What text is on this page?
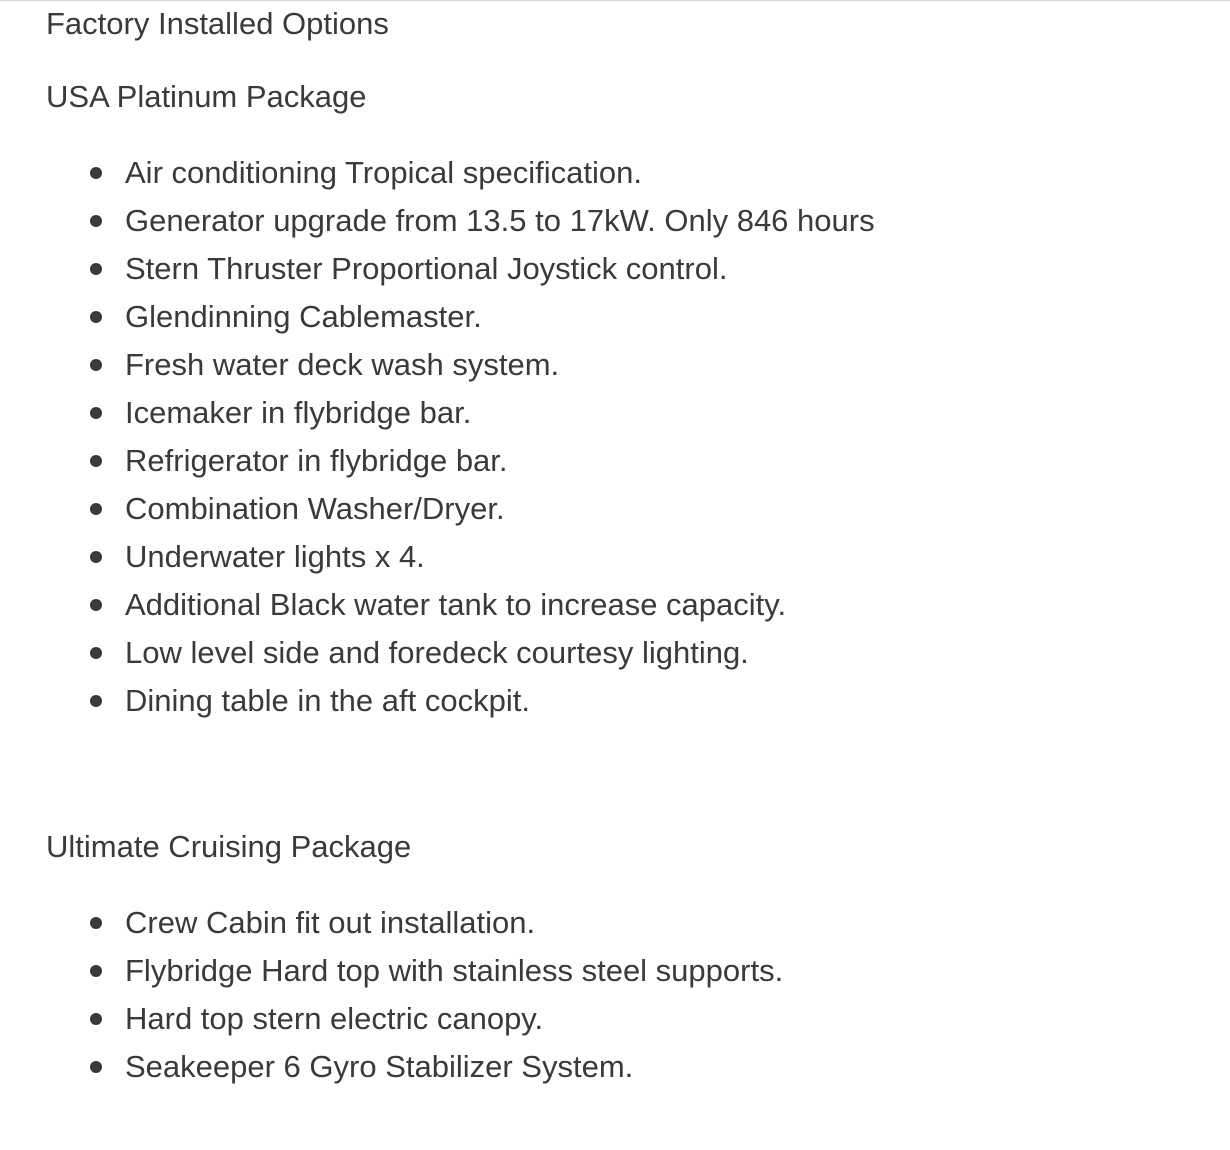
Factory Installed Options

USA Platinum Package

Air conditioning Tropical specification.
Generator upgrade from 13.5 to 17kW. Only 846 hours
Stern Thruster Proportional Joystick control.
Glendinning Cablemaster.
Fresh water deck wash system.
Icemaker in flybridge bar.
Refrigerator in flybridge bar.
Combination Washer/Dryer.
Underwater lights x 4.
Additional Black water tank to increase capacity.
Low level side and foredeck courtesy lighting.
Dining table in the aft cockpit.

Ultimate Cruising Package

Crew Cabin fit out installation.
Flybridge Hard top with stainless steel supports.
Hard top stern electric canopy.
Seakeeper 6 Gyro Stabilizer System.
